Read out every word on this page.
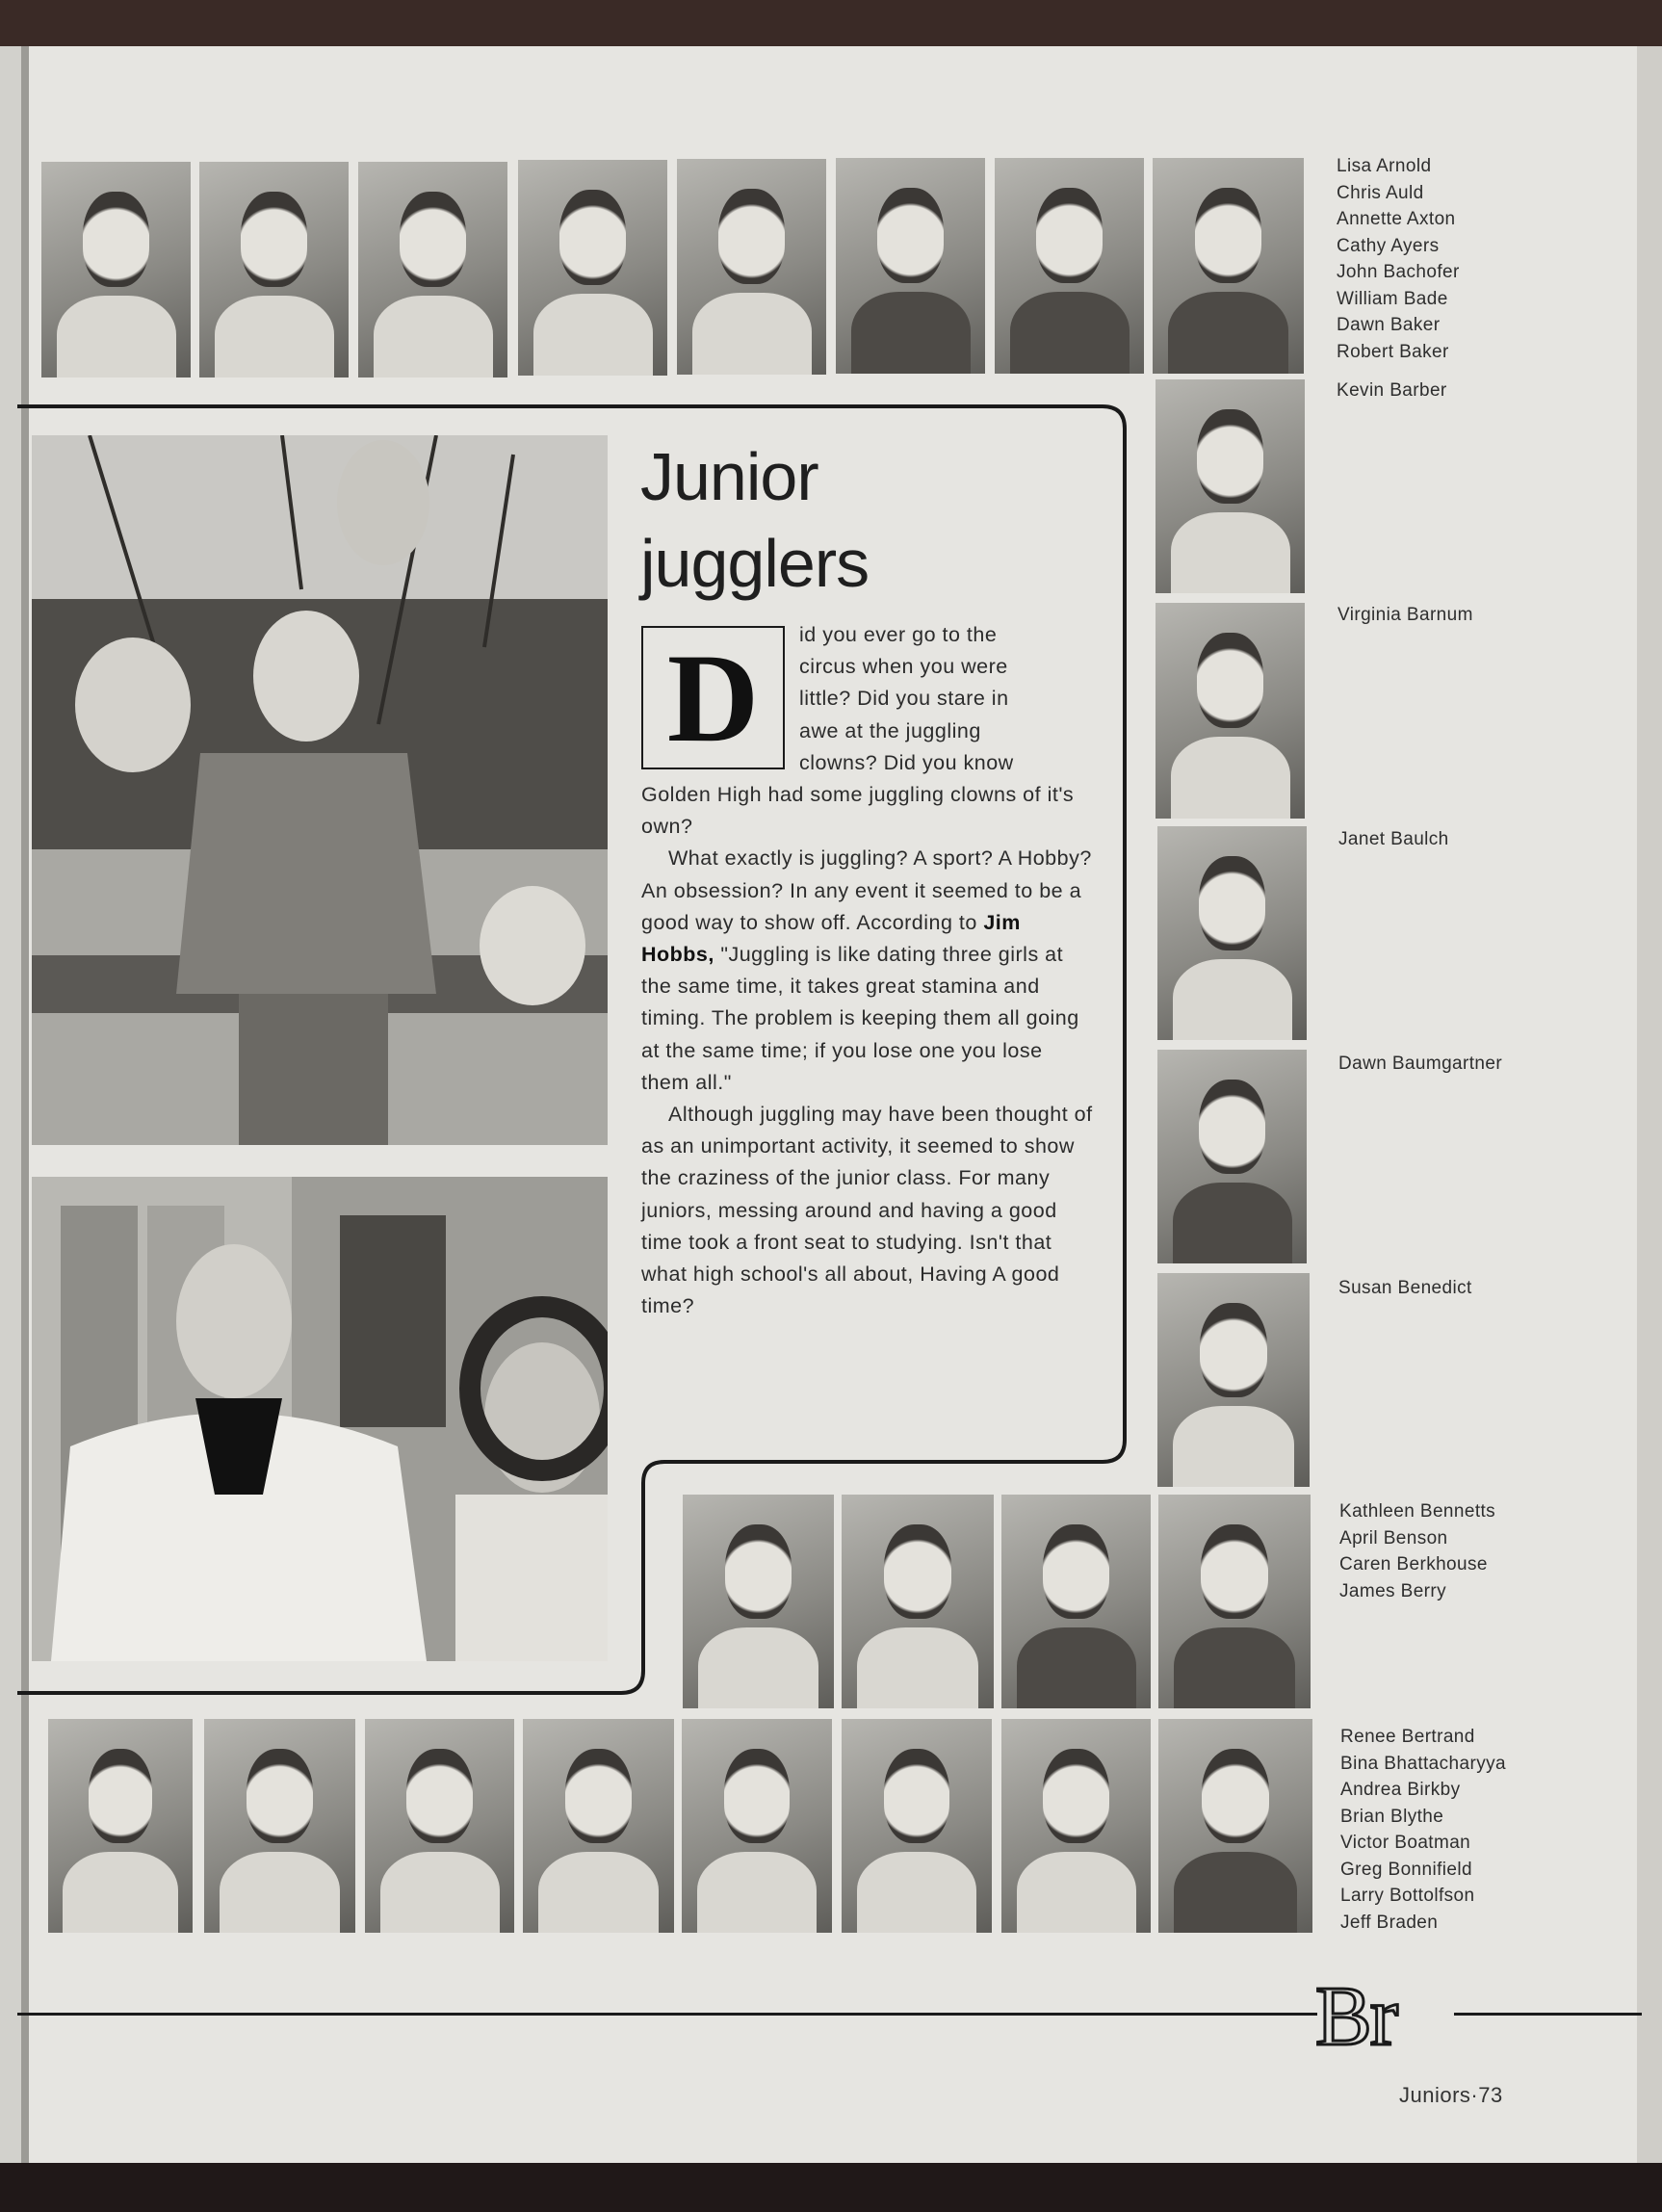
Lisa Arnold
Chris Auld
Annette Axton
Cathy Ayers
John Bachofer
William Bade
Dawn Baker
Robert Baker
Kevin Barber
Virginia Barnum
Janet Baulch
Dawn Baumgartner
Susan Benedict
Junior
jugglers
D	id you ever go to the

circus when you were

little? Did you stare in

awe at the juggling

clowns? Did you know

Golden High had some juggling clowns of it's own?

What exactly is juggling? A sport? A Hobby? An obsession? In any event it seemed to be a good way to show off. According to Jim Hobbs, "Juggling is like dating three girls at the same time, it takes great stamina and timing. The problem is keeping them all going at the same time; if you lose one you lose them all."

Although juggling may have been thought of as an unimportant activity, it seemed to show the craziness of the junior class. For many juniors, messing around and having a good time took a front seat to studying. Isn't that what high school's all about, Having A good time?

Kathleen Bennetts
April Benson
Caren Berkhouse
James Berry
Renee Bertrand
Bina Bhattacharyya
Andrea Birkby
Brian Blythe
Victor Boatman
Greg Bonnifield
Larry Bottolfson
Jeff Braden
Br
Juniors·73
